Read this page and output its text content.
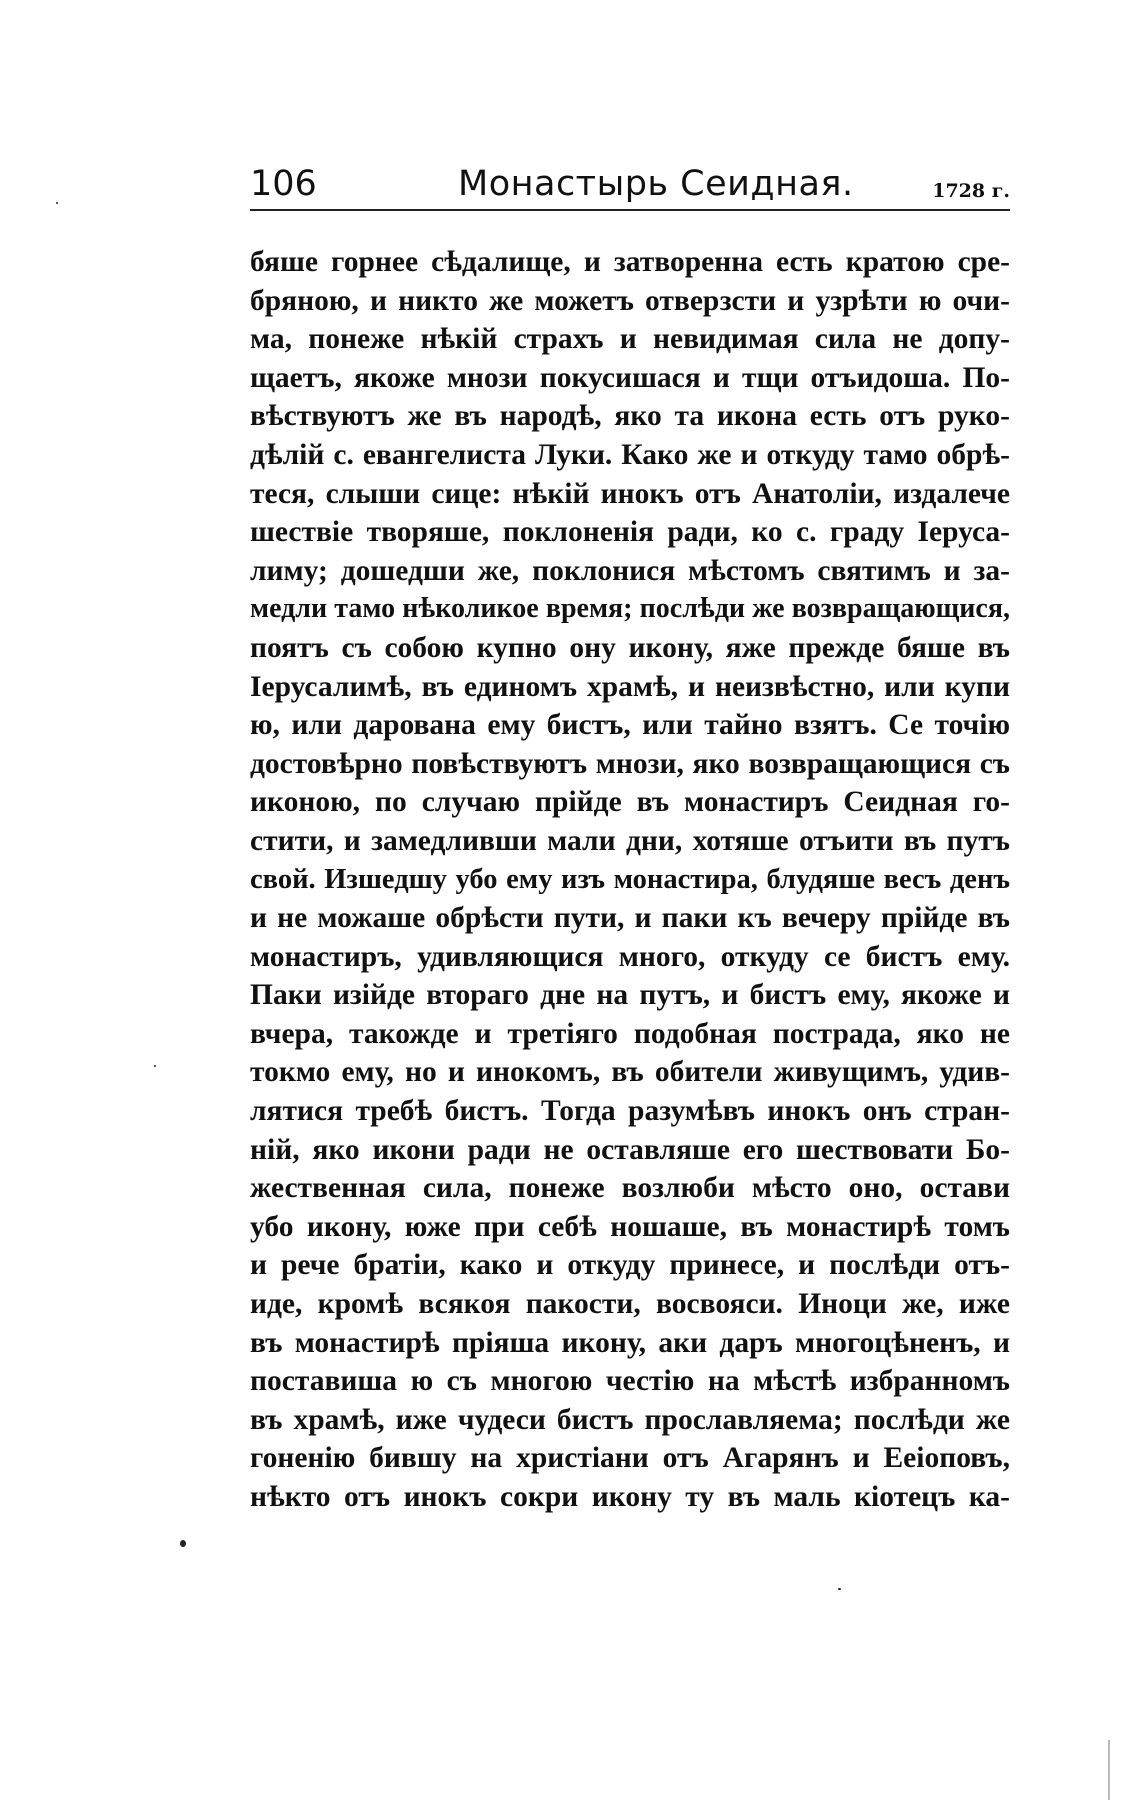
106	Монастырь Сеидная.	1728 г.
бяше горнее сѣдалище, и затворенна есть кратою сре-
бряною, и никто же можетъ отверзсти и узрѣти ю очи-
ма, понеже нѣкій страхъ и невидимая сила не допу-
щаетъ, якоже мнози покусишася и тщи отъидоша. По-
вѣствуютъ же въ народѣ, яко та икона есть отъ руко-
дѣлій с. евангелиста Луки. Како же и откуду тамо обрѣ-
теся, слыши сице: нѣкій инокъ отъ Анатоліи, издалече
шествіе творяше, поклоненія ради, ко с. граду Іеруса-
лиму; дошедши же, поклонися мѣстомъ святимъ и за-
медли тамо нѣколикое время; послѣди же возвращающися,
поятъ съ собою купно ону икону, яже прежде бяше въ
Іерусалимѣ, въ единомъ храмѣ, и неизвѣстно, или купи
ю, или дарована ему бистъ, или тайно взятъ. Се точію
достовѣрно повѣствуютъ мнози, яко возвращающися съ
иконою, по случаю прійде въ монастиръ Сеидная го-
стити, и замедливши мали дни, хотяше отъити въ путъ
свой. Изшедшу убо ему изъ монастира, блудяше весъ денъ
и не можаше обрѣсти пути, и паки къ вечеру прійде въ
монастиръ, удивляющися много, откуду се бистъ ему.
Паки изійде втораго дне на путъ, и бистъ ему, якоже и
вчера, такожде и третіяго подобная пострада, яко не
токмо ему, но и инокомъ, въ обители живущимъ, удив-
лятися требѣ бистъ. Тогда разумѣвъ инокъ онъ стран-
ній, яко икони ради не оставляше его шествовати Бо-
жественная сила, понеже возлюби мѣсто оно, остави
убо икону, юже при себѣ ношаше, въ монастирѣ томъ
и рече братіи, како и откуду принесе, и послѣди отъ-
иде, кромѣ всякоя пакости, восвояси. Иноци же, иже
въ монастирѣ пріяша икону, аки даръ многоцѣненъ, и
поставиша ю съ многою честію на мѣстѣ избранномъ
въ храмѣ, иже чудеси бистъ прославляема; послѣди же
гоненію бившу на христіани отъ Агарянъ и Ееіоповъ,
нѣкто отъ инокъ сокри икону ту въ маль кіотецъ ка-
